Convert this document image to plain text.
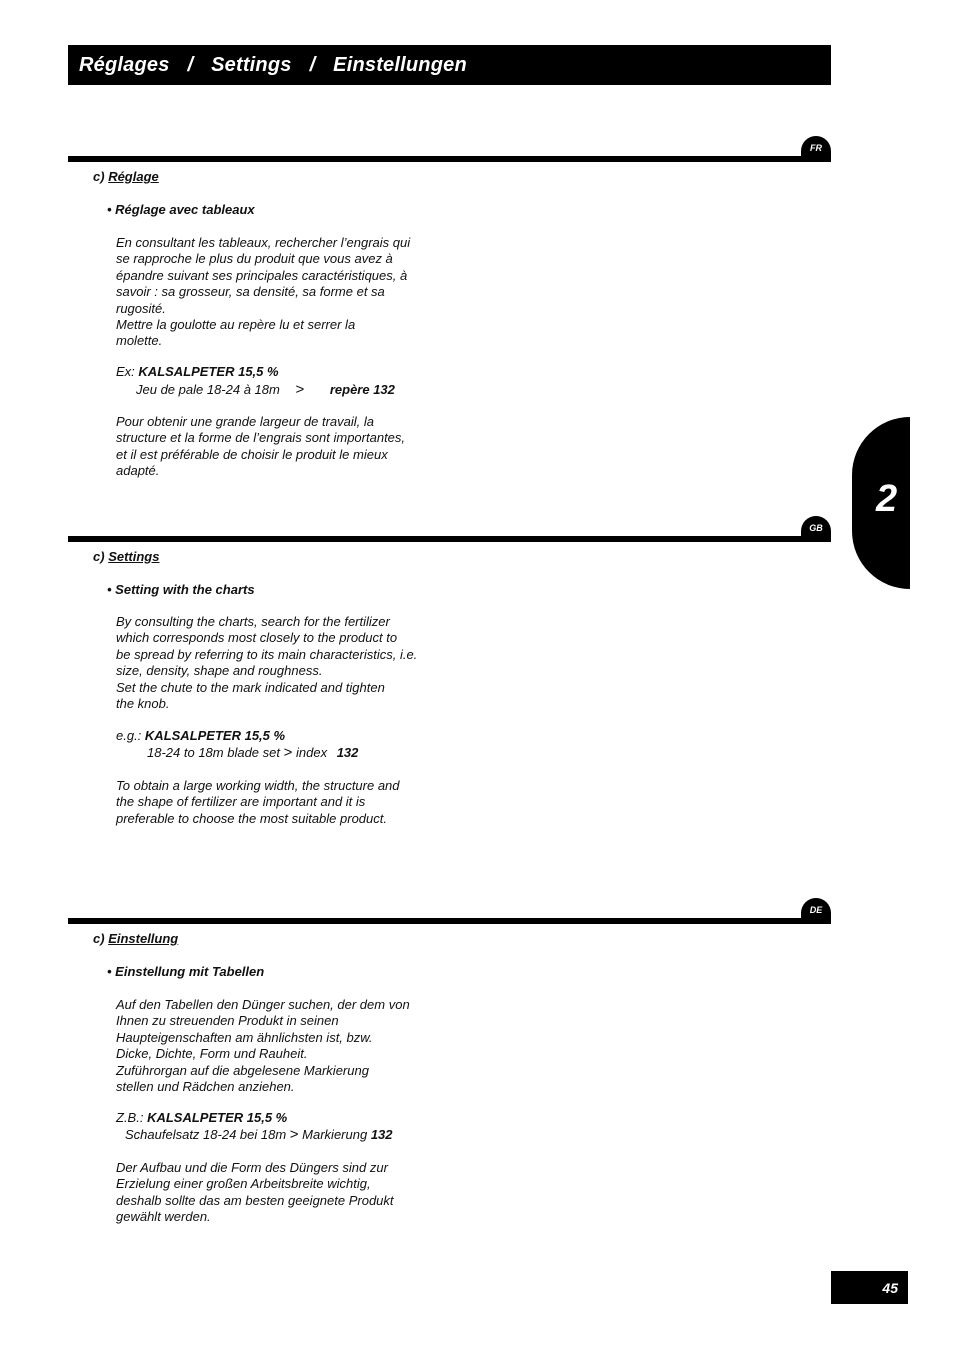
Réglages / Settings / Einstellungen
2
FR
c) Réglage
• Réglage avec tableaux
En consultant les tableaux, rechercher l’engrais qui
se rapproche le plus du produit que vous avez à
épandre suivant ses principales caractéristiques, à
savoir : sa grosseur, sa densité, sa forme et sa
rugosité.
Mettre la goulotte au repère lu et serrer la
molette.
Ex: KALSALPETER 15,5 %
Jeu de pale 18-24 à 18m > repère 132
Pour obtenir une grande largeur de travail, la
structure et la forme de l’engrais sont importantes,
et il est préférable de choisir le produit le mieux
adapté.
GB
c) Settings
• Setting with the charts
By consulting the charts, search for the fertilizer
which corresponds most closely to the product to
be spread by referring to its main characteristics, i.e.
size, density, shape and roughness.
Set the chute to the mark indicated and tighten
the knob.
e.g.: KALSALPETER 15,5 %
18-24 to 18m blade set > index 132
To obtain a large working width, the structure and
the shape of fertilizer are important and it is
preferable to choose the most suitable product.
DE
c) Einstellung
• Einstellung mit Tabellen
Auf den Tabellen den Dünger suchen, der dem von
Ihnen zu streuenden Produkt in seinen
Haupteigenschaften am ähnlichsten ist, bzw.
Dicke, Dichte, Form und Rauheit.
Zuführorgan auf die abgelesene Markierung
stellen und Rädchen anziehen.
Z.B.: KALSALPETER 15,5 %
Schaufelsatz 18-24 bei 18m > Markierung 132
Der Aufbau und die Form des Düngers sind zur
Erzielung einer großen Arbeitsbreite wichtig,
deshalb sollte das am besten geeignete Produkt
gewählt werden.
45
